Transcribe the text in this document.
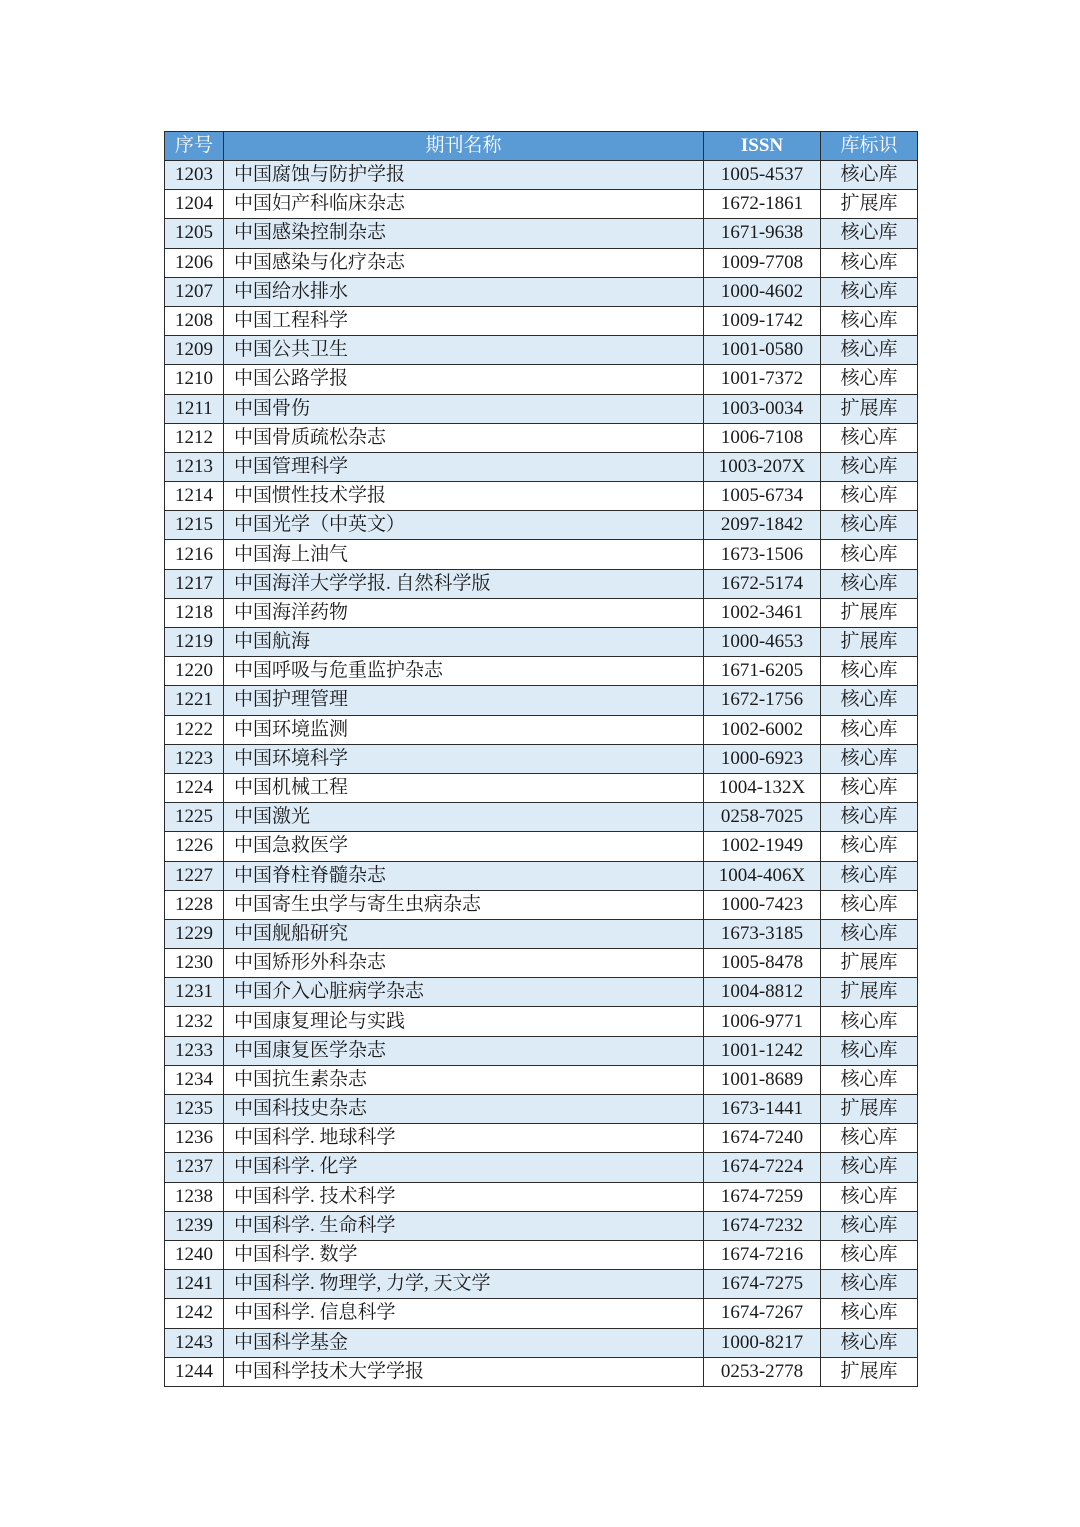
序号	期刊名称	ISSN	库标识
1203	中国腐蚀与防护学报	1005-4537	核心库
1204	中国妇产科临床杂志	1672-1861	扩展库
1205	中国感染控制杂志	1671-9638	核心库
1206	中国感染与化疗杂志	1009-7708	核心库
1207	中国给水排水	1000-4602	核心库
1208	中国工程科学	1009-1742	核心库
1209	中国公共卫生	1001-0580	核心库
1210	中国公路学报	1001-7372	核心库
1211	中国骨伤	1003-0034	扩展库
1212	中国骨质疏松杂志	1006-7108	核心库
1213	中国管理科学	1003-207X	核心库
1214	中国惯性技术学报	1005-6734	核心库
1215	中国光学（中英文）	2097-1842	核心库
1216	中国海上油气	1673-1506	核心库
1217	中国海洋大学学报. 自然科学版	1672-5174	核心库
1218	中国海洋药物	1002-3461	扩展库
1219	中国航海	1000-4653	扩展库
1220	中国呼吸与危重监护杂志	1671-6205	核心库
1221	中国护理管理	1672-1756	核心库
1222	中国环境监测	1002-6002	核心库
1223	中国环境科学	1000-6923	核心库
1224	中国机械工程	1004-132X	核心库
1225	中国激光	0258-7025	核心库
1226	中国急救医学	1002-1949	核心库
1227	中国脊柱脊髓杂志	1004-406X	核心库
1228	中国寄生虫学与寄生虫病杂志	1000-7423	核心库
1229	中国舰船研究	1673-3185	核心库
1230	中国矫形外科杂志	1005-8478	扩展库
1231	中国介入心脏病学杂志	1004-8812	扩展库
1232	中国康复理论与实践	1006-9771	核心库
1233	中国康复医学杂志	1001-1242	核心库
1234	中国抗生素杂志	1001-8689	核心库
1235	中国科技史杂志	1673-1441	扩展库
1236	中国科学. 地球科学	1674-7240	核心库
1237	中国科学. 化学	1674-7224	核心库
1238	中国科学. 技术科学	1674-7259	核心库
1239	中国科学. 生命科学	1674-7232	核心库
1240	中国科学. 数学	1674-7216	核心库
1241	中国科学. 物理学, 力学, 天文学	1674-7275	核心库
1242	中国科学. 信息科学	1674-7267	核心库
1243	中国科学基金	1000-8217	核心库
1244	中国科学技术大学学报	0253-2778	扩展库
